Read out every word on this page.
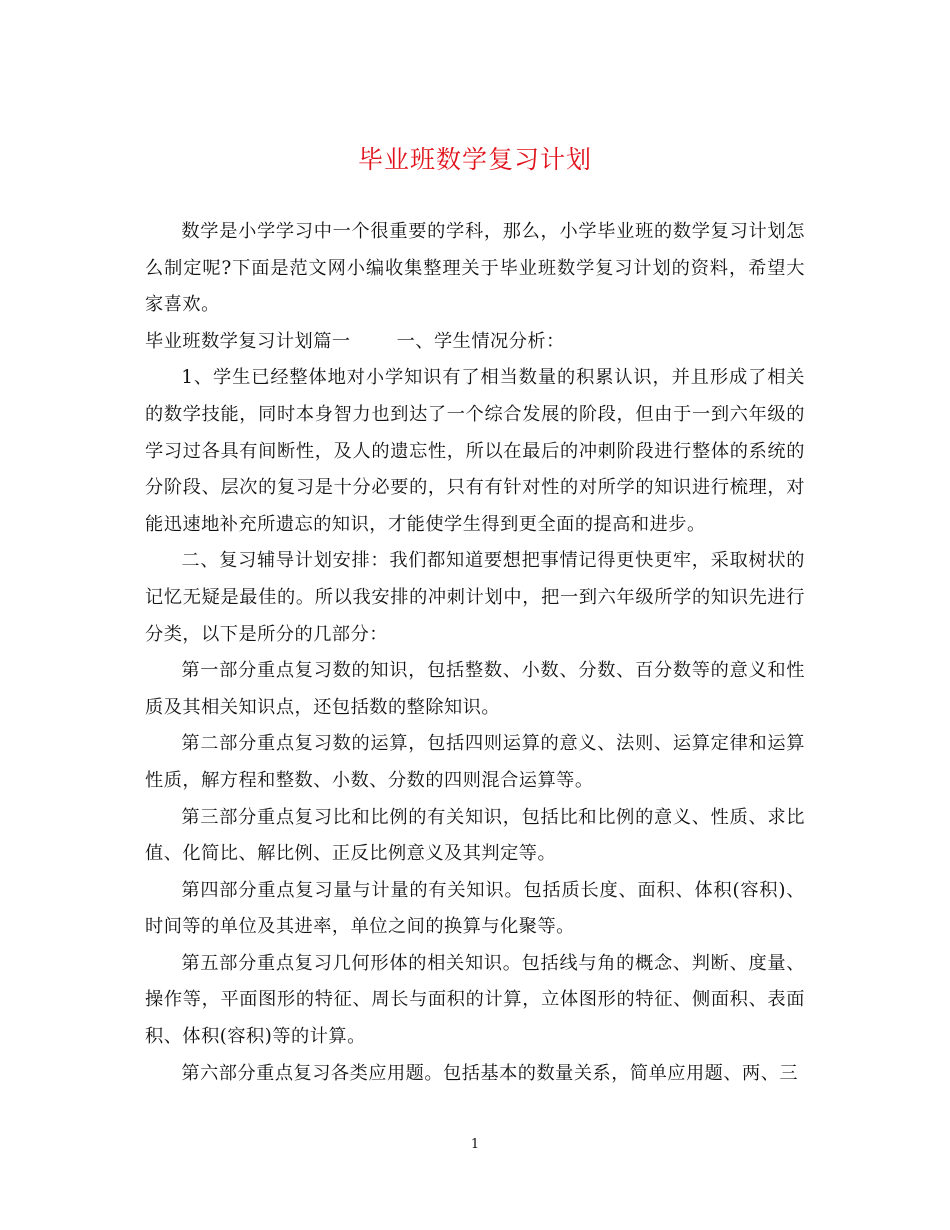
毕业班数学复习计划

数学是小学学习中一个很重要的学科，那么，小学毕业班的数学复习计划怎么制定呢?下面是范文网小编收集整理关于毕业班数学复习计划的资料，希望大家喜欢。

毕业班数学复习计划篇一	一、学生情况分析：

1、学生已经整体地对小学知识有了相当数量的积累认识，并且形成了相关的数学技能，同时本身智力也到达了一个综合发展的阶段，但由于一到六年级的学习过各具有间断性，及人的遗忘性，所以在最后的冲刺阶段进行整体的系统的分阶段、层次的复习是十分必要的，只有有针对性的对所学的知识进行梳理，对能迅速地补充所遗忘的知识，才能使学生得到更全面的提高和进步。

二、复习辅导计划安排：我们都知道要想把事情记得更快更牢，采取树状的记忆无疑是最佳的。所以我安排的冲刺计划中，把一到六年级所学的知识先进行分类，以下是所分的几部分：

第一部分重点复习数的知识，包括整数、小数、分数、百分数等的意义和性质及其相关知识点，还包括数的整除知识。

第二部分重点复习数的运算，包括四则运算的意义、法则、运算定律和运算性质，解方程和整数、小数、分数的四则混合运算等。

第三部分重点复习比和比例的有关知识，包括比和比例的意义、性质、求比值、化简比、解比例、正反比例意义及其判定等。

第四部分重点复习量与计量的有关知识。包括质长度、面积、体积(容积)、时间等的单位及其进率，单位之间的换算与化聚等。

第五部分重点复习几何形体的相关知识。包括线与角的概念、判断、度量、操作等，平面图形的特征、周长与面积的计算，立体图形的特征、侧面积、表面积、体积(容积)等的计算。

第六部分重点复习各类应用题。包括基本的数量关系，简单应用题、两、三

1
